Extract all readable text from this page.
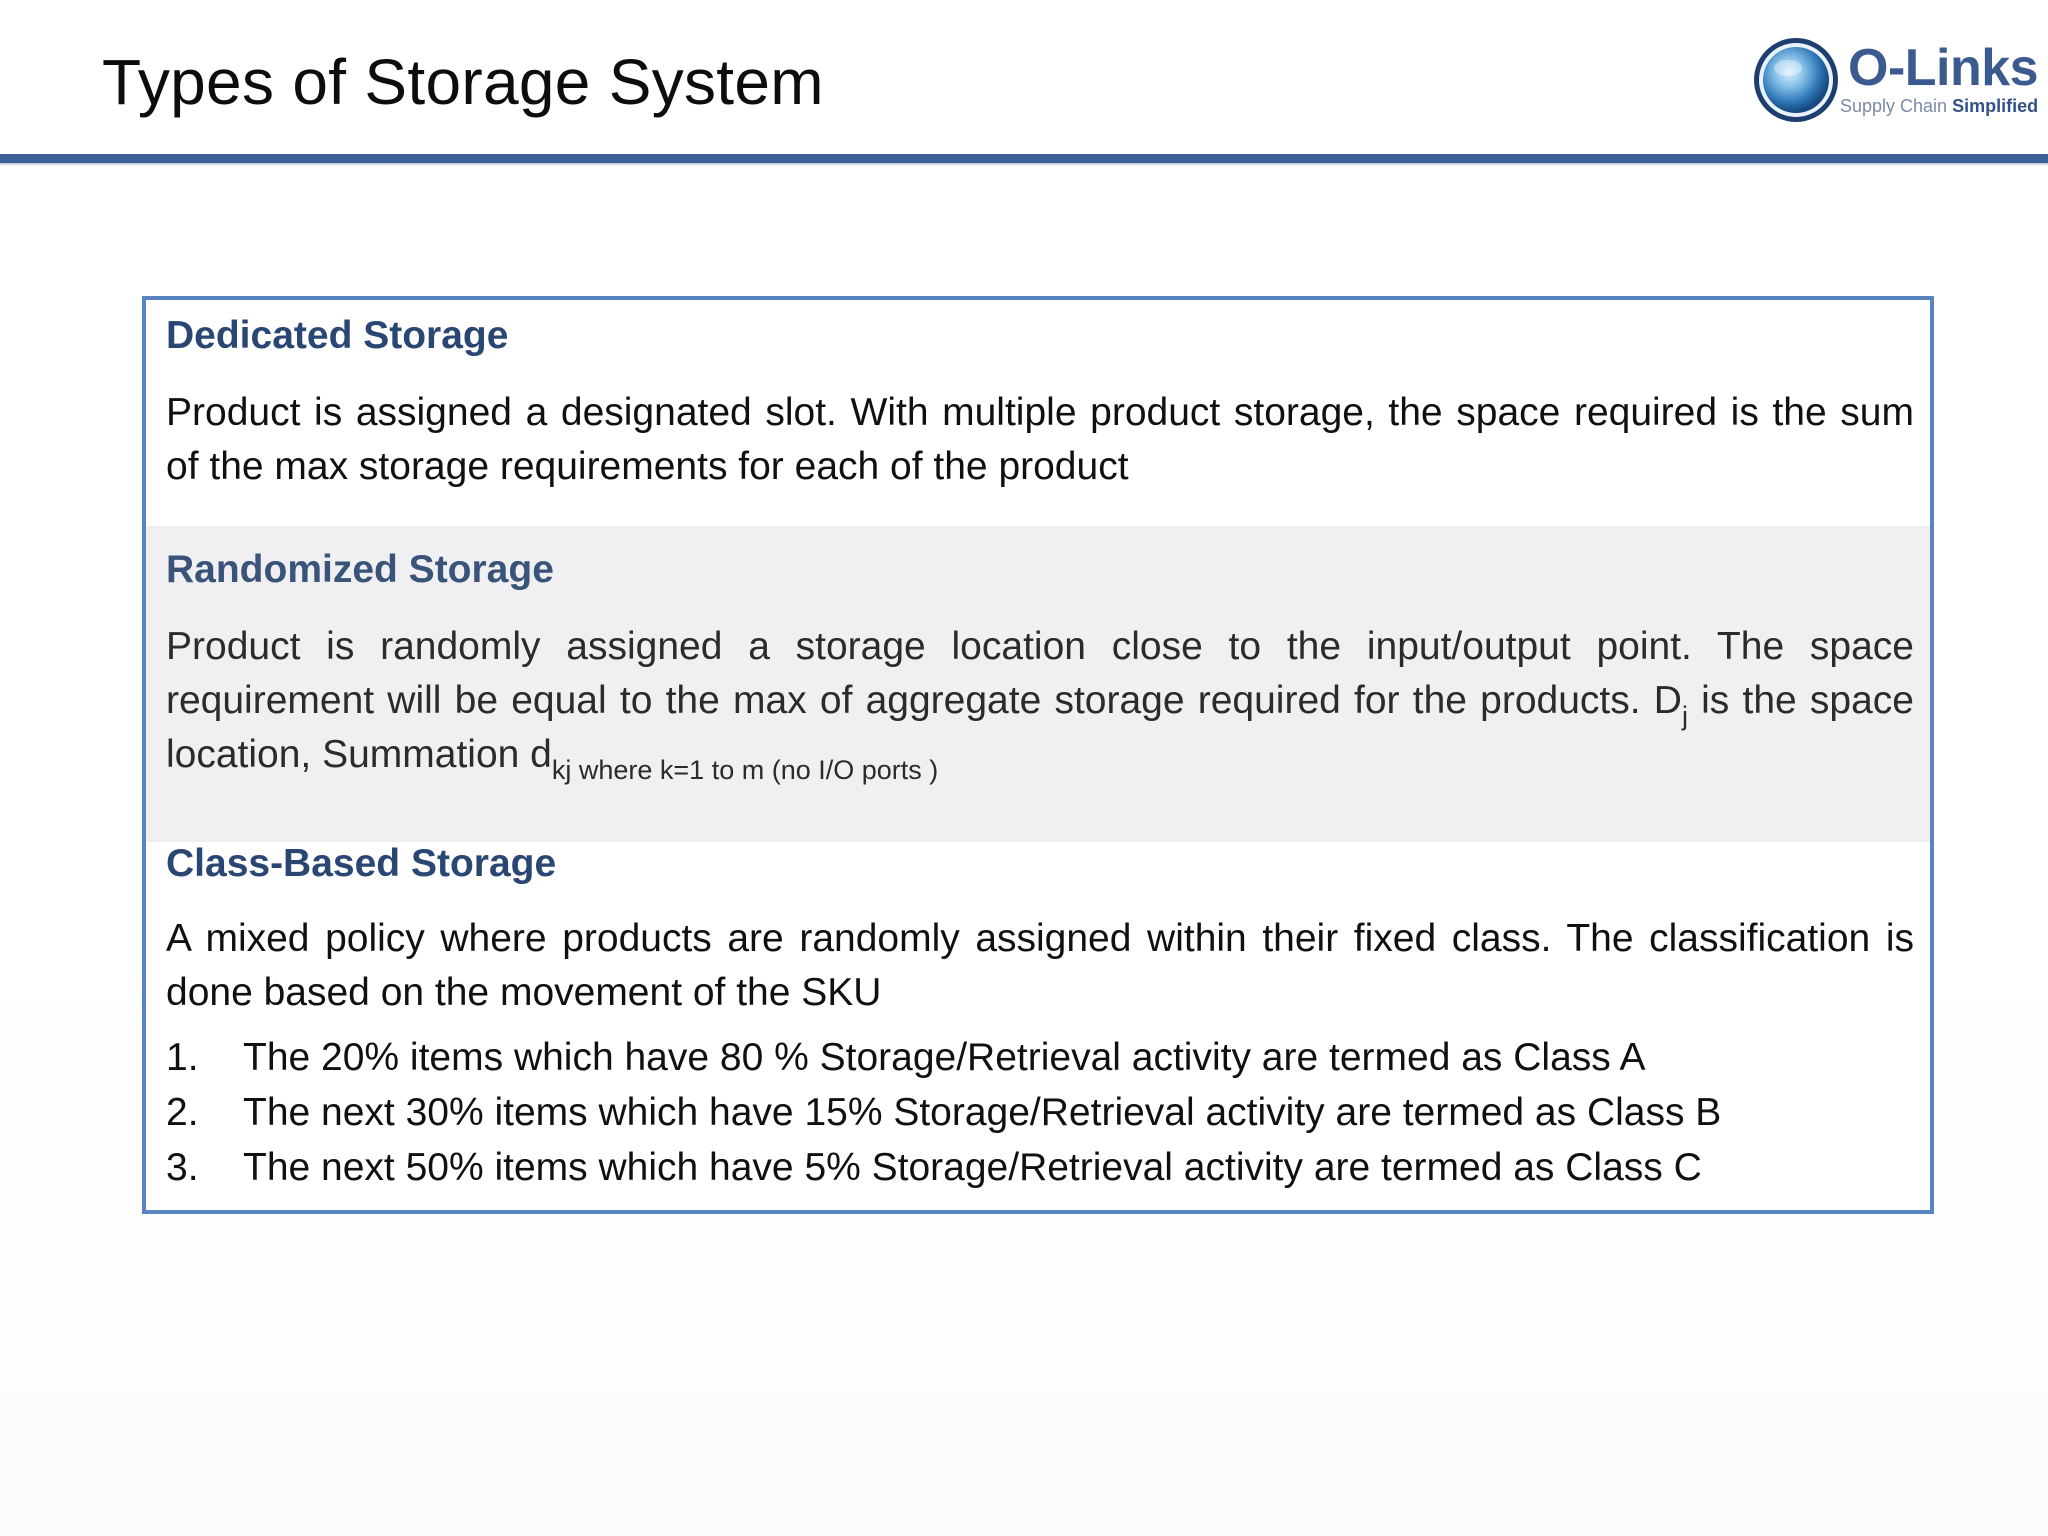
Types of Storage System	O-Links
Supply Chain Simplified
Dedicated Storage

Product is assigned a designated slot. With multiple product storage, the space required is the sum of the max storage requirements for each of the product

Randomized Storage

Product is randomly assigned a storage location close to the input/output point. The space requirement will be equal to the max of aggregate storage required for the products. $D_j$ is the space location, Summation $d_{kj where k=1 to m (no I/O ports )}$

Class-Based Storage

A mixed policy where products are randomly assigned within their fixed class. The classification is done based on the movement of the SKU

1. The 20% items which have 80 % Storage/Retrieval activity are termed as Class A
2. The next 30% items which have 15% Storage/Retrieval activity are termed as Class B
3. The next 50% items which have 5% Storage/Retrieval activity are termed as Class C
